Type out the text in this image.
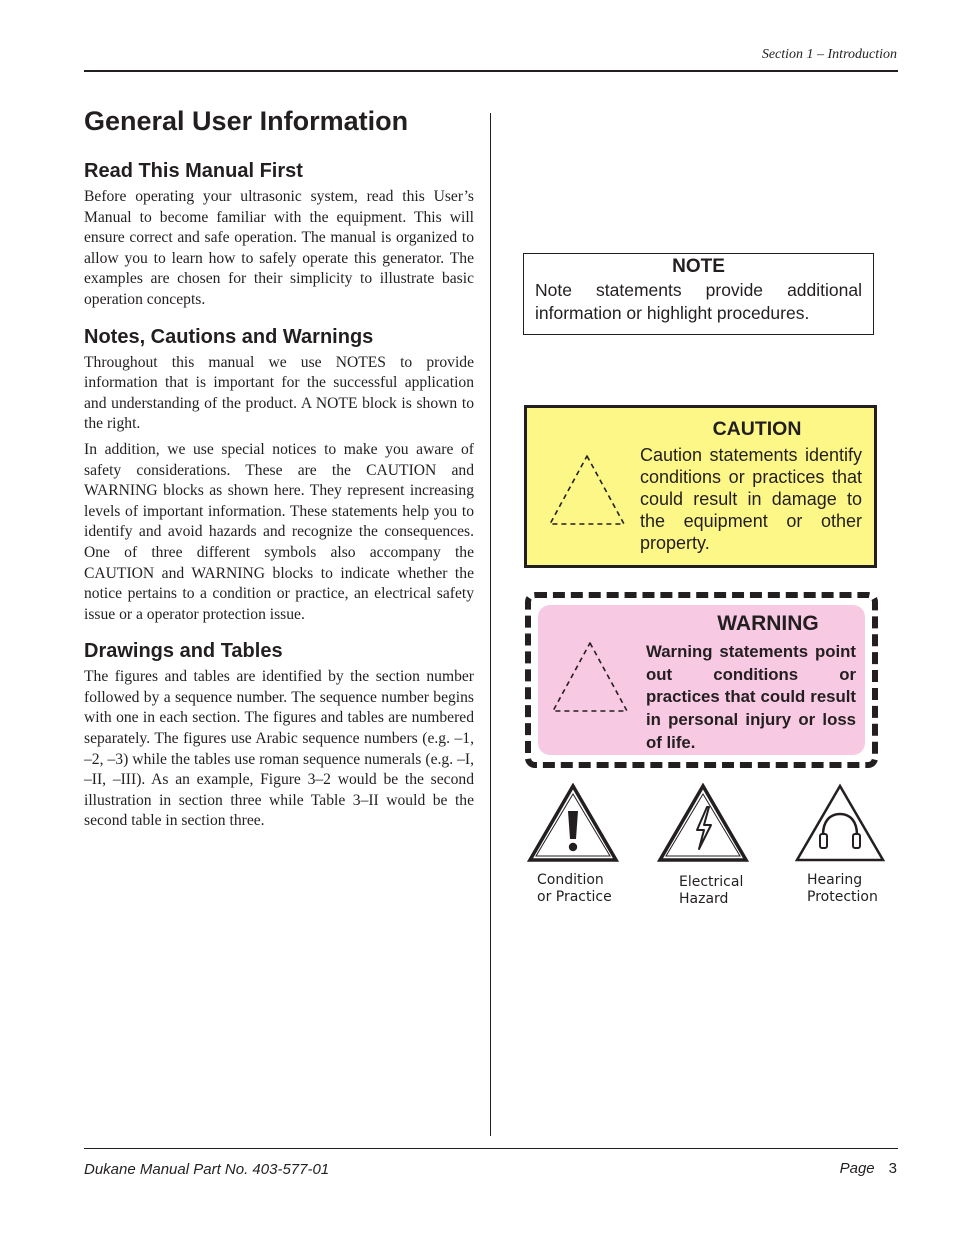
Section 1 – Introduction
General User Information
Read This Manual First

Before operating your ultrasonic system, read this User’s Manual to become familiar with the equipment. This will ensure correct and safe operation. The manual is organized to allow you to learn how to safely operate this generator. The examples are chosen for their simplicity to illustrate basic operation concepts.

Notes, Cautions and Warnings

Throughout this manual we use NOTES to provide information that is important for the successful application and understanding of the product. A NOTE block is shown to the right.

In addition, we use special notices to make you aware of safety considerations. These are the CAUTION and WARNING blocks as shown here. They represent increasing levels of important information. These statements help you to identify and avoid hazards and recognize the consequences. One of three different symbols also accompany the CAUTION and WARNING blocks to indicate whether the notice pertains to a condition or practice, an electrical safety issue or a operator protection issue.

Drawings and Tables

The figures and tables are identified by the section number followed by a sequence number. The sequence number begins with one in each section. The figures and tables are numbered separately. The figures use Arabic sequence numbers (e.g. –1, –2, –3) while the tables use roman sequence numerals (e.g. –I, –II, –III). As an example, Figure 3–2 would be the second illustration in section three while Table 3–II would be the second table in section three.

NOTE
Note statements provide additional information or highlight procedures.
CAUTION
Caution statements identify conditions or practices that could result in damage to the equipment or other property.
WARNING
Warning statements point out conditions or practices that could result in personal injury or loss of life.
Condition
or Practice
Electrical
Hazard
Hearing
Protection
Dukane Manual Part No. 403-577-01	Page 3
